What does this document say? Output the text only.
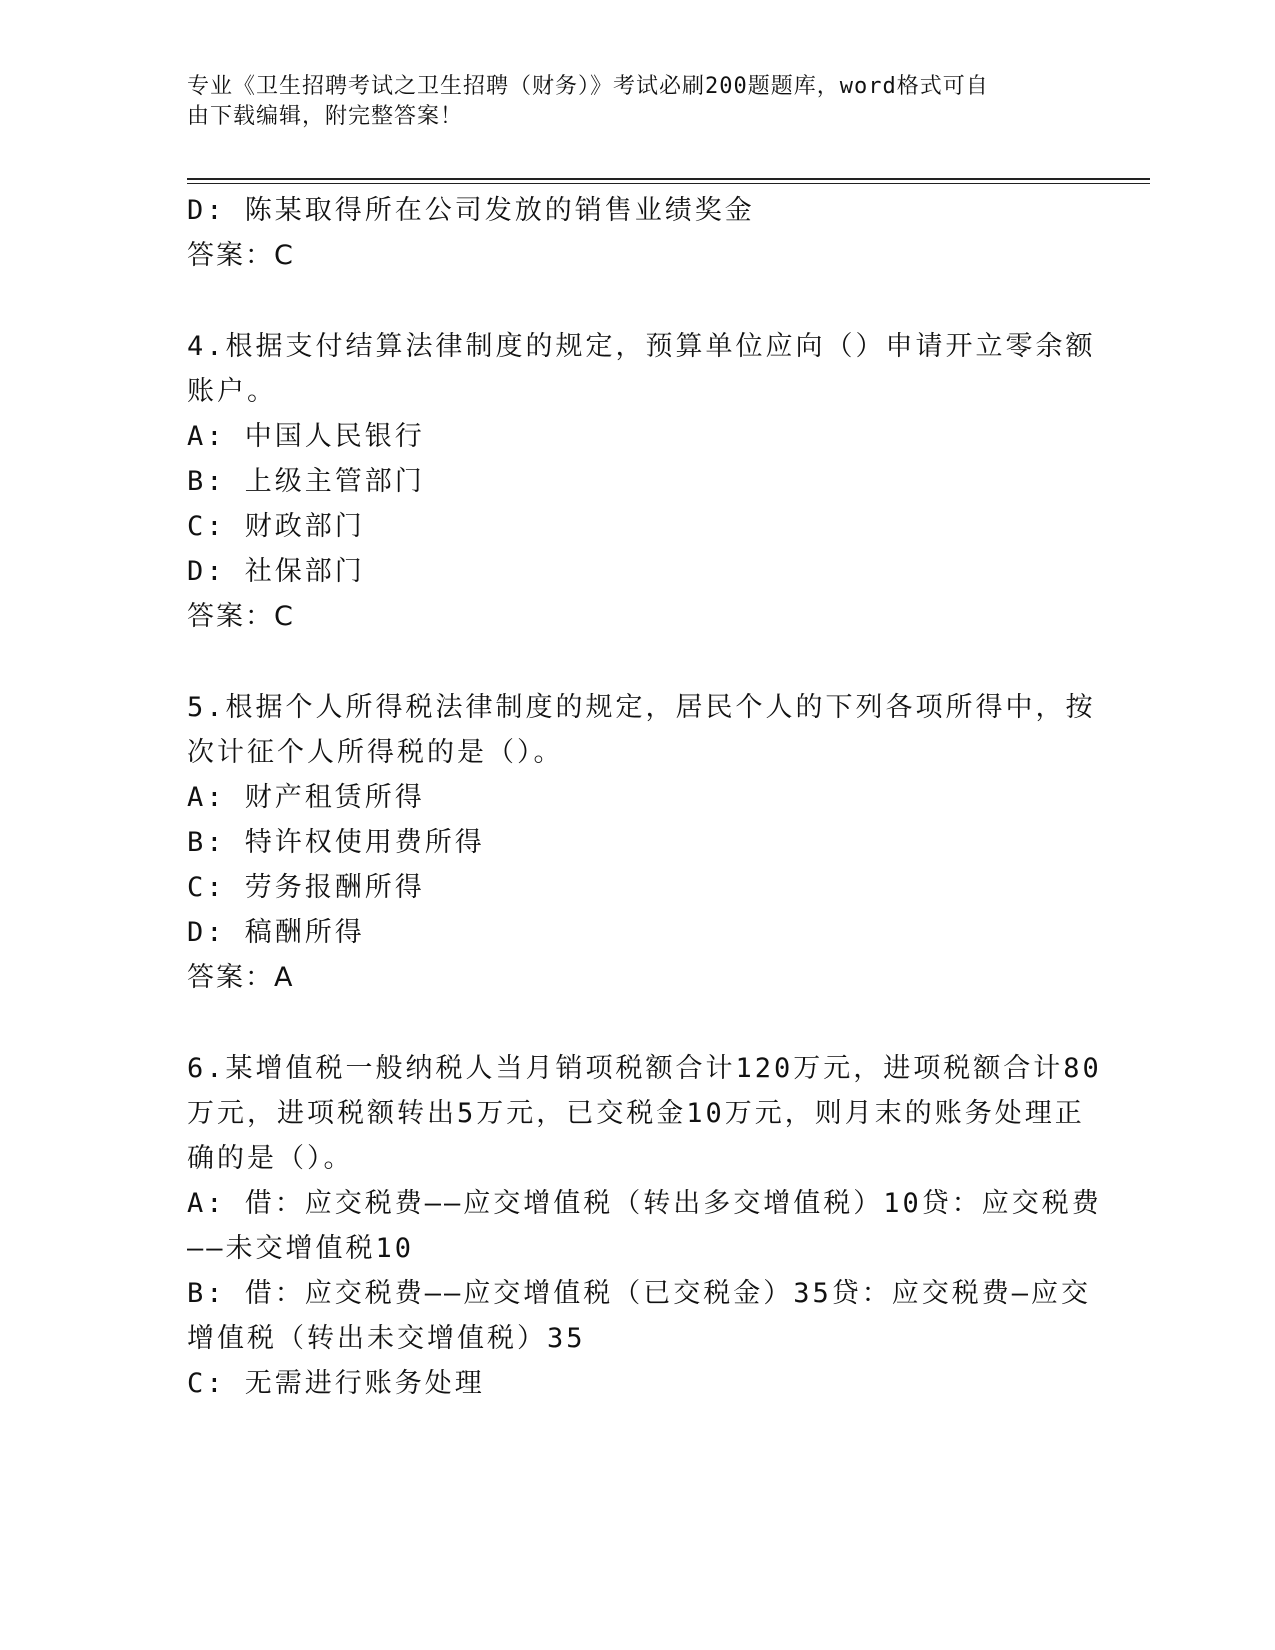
专业《卫生招聘考试之卫生招聘（财务）》考试必刷200题题库，word格式可自
由下载编辑，附完整答案！
D: 陈某取得所在公司发放的销售业绩奖金
答案：C
4.根据支付结算法律制度的规定，预算单位应向（）申请开立零余额
账户。
A: 中国人民银行
B: 上级主管部门
C: 财政部门
D: 社保部门
答案：C
5.根据个人所得税法律制度的规定，居民个人的下列各项所得中，按
次计征个人所得税的是（）。
A: 财产租赁所得
B: 特许权使用费所得
C: 劳务报酬所得
D: 稿酬所得
答案：A
6.某增值税一般纳税人当月销项税额合计120万元，进项税额合计80
万元，进项税额转出5万元，已交税金10万元，则月末的账务处理正
确的是（）。
A: 借：应交税费——应交增值税（转出多交增值税）10贷：应交税费
——未交增值税10
B: 借：应交税费——应交增值税（已交税金）35贷：应交税费—应交
增值税（转出未交增值税）35
C: 无需进行账务处理
